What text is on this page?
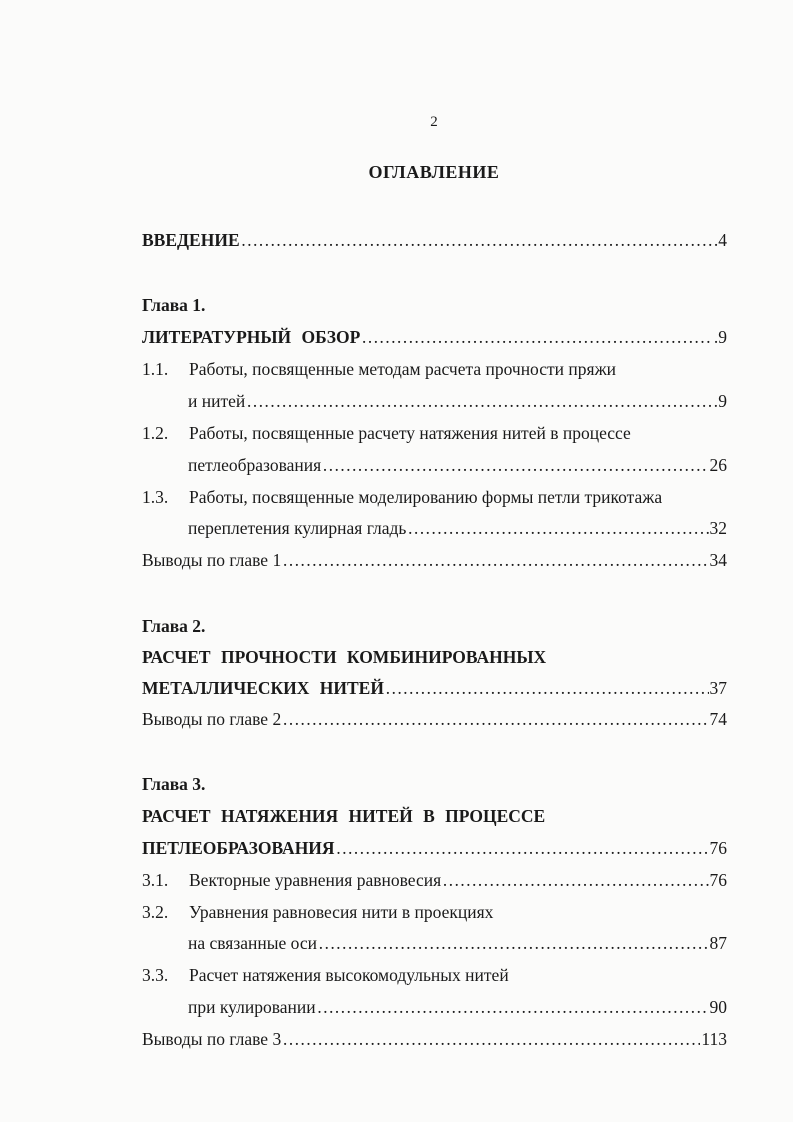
2
ОГЛАВЛЕНИЕ
ВВЕДЕНИЕ ………………………………………………………………………………………………………………	.4
Глава 1.
ЛИТЕРАТУРНЫЙ ОБЗОР ………………………………………………………………………………………………………………	.9
1.1.	Работы, посвященные методам расчета прочности пряжи
и нитей ………………………………………………………………………………………………………………	9
1.2.	Работы, посвященные расчету натяжения нитей в процессе
петлеобразования ………………………………………………………………………………………………………………	26
1.3.	Работы, посвященные моделированию формы петли трикотажа
переплетения кулирная гладь ………………………………………………………………………………………………………………	32
Выводы по главе 1 ………………………………………………………………………………………………………………	34
Глава 2.
РАСЧЕТ ПРОЧНОСТИ КОМБИНИРОВАННЫХ
МЕТАЛЛИЧЕСКИХ НИТЕЙ ………………………………………………………………………………………………………………	37
Выводы по главе 2 ………………………………………………………………………………………………………………	74
Глава 3.
РАСЧЕТ НАТЯЖЕНИЯ НИТЕЙ В ПРОЦЕССЕ
ПЕТЛЕОБРАЗОВАНИЯ ………………………………………………………………………………………………………………	76
3.1.	Векторные уравнения равновесия ………………………………………………………………………………………………………………	76
3.2.	Уравнения равновесия нити в проекциях
на связанные оси ………………………………………………………………………………………………………………	87
3.3.	Расчет натяжения высокомодульных нитей
при кулировании ………………………………………………………………………………………………………………	90
Выводы по главе 3 ………………………………………………………………………………………………………………	113
